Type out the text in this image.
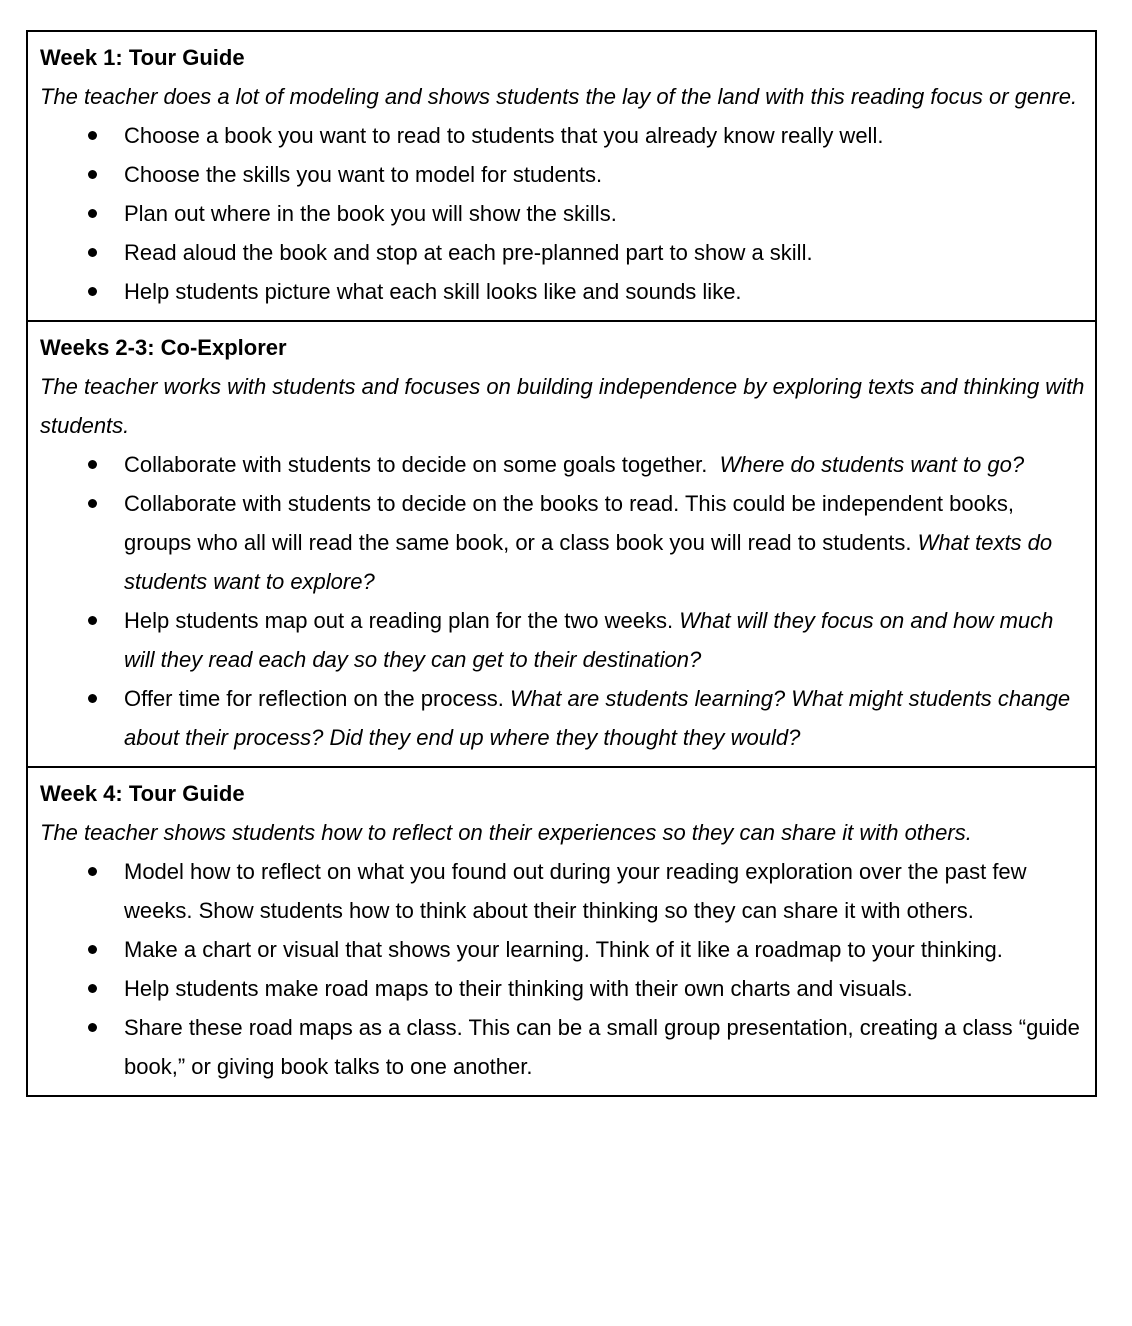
Week 1: Tour Guide
The teacher does a lot of modeling and shows students the lay of the land with this reading focus or genre.
Choose a book you want to read to students that you already know really well.
Choose the skills you want to model for students.
Plan out where in the book you will show the skills.
Read aloud the book and stop at each pre-planned part to show a skill.
Help students picture what each skill looks like and sounds like.
Weeks 2-3: Co-Explorer
The teacher works with students and focuses on building independence by exploring texts and thinking with students.
Collaborate with students to decide on some goals together.  Where do students want to go?
Collaborate with students to decide on the books to read. This could be independent books, groups who all will read the same book, or a class book you will read to students. What texts do students want to explore?
Help students map out a reading plan for the two weeks. What will they focus on and how much will they read each day so they can get to their destination?
Offer time for reflection on the process. What are students learning? What might students change about their process? Did they end up where they thought they would?
Week 4: Tour Guide
The teacher shows students how to reflect on their experiences so they can share it with others.
Model how to reflect on what you found out during your reading exploration over the past few weeks. Show students how to think about their thinking so they can share it with others.
Make a chart or visual that shows your learning. Think of it like a roadmap to your thinking.
Help students make road maps to their thinking with their own charts and visuals.
Share these road maps as a class. This can be a small group presentation, creating a class “guide book,” or giving book talks to one another.
